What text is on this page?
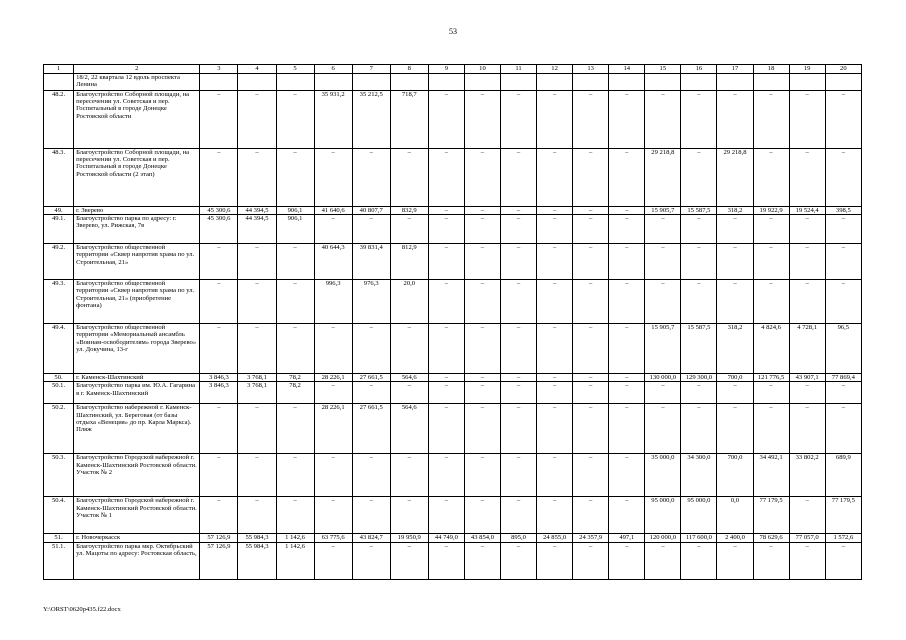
53
1	2	3	4	5	6	7	8	9	10	11	12	13	14	15	16	17	18	19	20
	18/2, 22 квартала 12 вдоль проспекта Ленина																		
48.2.	Благоустройство Соборной площади, на пересечении ул. Советская и пер. Госпитальный в городе Донецке Ростовской области	–	–	–	35 931,2	35 212,5	718,7	–	–	–	–	–	–	–	–	–	–	–	–
48.3.	Благоустройство Соборной площади, на пересечении ул. Советская и пер. Госпитальный в городе Донецке Ростовской области (2 этап)	–	–	–	–	–	–	–	–	–	–	–	–	29 218,8	–	29 218,8	–	–	–
49.	г. Зверево	45 300,6	44 394,5	906,1	41 640,6	40 807,7	832,9	–	–	–	–	–	–	15 905,7	15 587,5	318,2	19 922,9	19 524,4	398,5
49.1.	Благоустройство парка по адресу: г. Зверево, ул. Рижская, 7в	45 300,6	44 394,5	906,1	–	–	–	–	–	–	–	–	–	–	–	–	–	–	–
49.2.	Благоустройство общественной территории «Сквер напротив храма по ул. Строительная, 21»	–	–	–	40 644,3	39 831,4	812,9	–	–	–	–	–	–	–	–	–	–	–	–
49.3.	Благоустройство общественной территории «Сквер напротив храма по ул. Строительная, 21» (приобретение фонтана)	–	–	–	996,3	976,3	20,0	–	–	–	–	–	–	–	–	–	–	–	–
49.4.	Благоустройство общественной территории «Мемориальный ансамбль «Воинам-освободителям» города Зверево» ул. Докучина, 13-г	–	–	–	–	–	–	–	–	–	–	–	–	15 905,7	15 587,5	318,2	4 824,6	4 728,1	96,5
50.	г. Каменск-Шахтинский	3 846,3	3 768,1	78,2	28 226,1	27 661,5	564,6	–	–	–	–	–	–	130 000,0	129 300,0	700,0	121 776,5	43 907,1	77 869,4
50.1.	Благоустройство парка им. Ю.А. Гагарина в г. Каменск-Шахтинский	3 846,3	3 768,1	78,2	–	–	–	–	–	–	–	–	–	–	–	–	–	–	–
50.2.	Благоустройство набережной г. Каменск-Шахтинский, ул. Береговая (от базы отдыха «Венеция» до пр. Карла Маркса). Пляж	–	–	–	28 226,1	27 661,5	564,6	–	–	–	–	–	–	–	–	–	–	–	–
50.3.	Благоустройство Городской набережной г. Каменск-Шахтинский Ростовской области. Участок № 2	–	–	–	–	–	–	–	–	–	–	–	–	35 000,0	34 300,0	700,0	34 492,1	33 802,2	689,9
50.4.	Благоустройство Городской набережной г. Каменск-Шахтинский Ростовской области. Участок № 1	–	–	–	–	–	–	–	–	–	–	–	–	95 000,0	95 000,0	0,0	77 179,5	–	77 179,5
51.	г. Новочеркасск	57 126,9	55 984,3	1 142,6	63 775,6	43 824,7	19 950,9	44 749,0	43 854,0	895,0	24 855,0	24 357,9	497,1	120 000,0	117 600,0	2 400,0	78 629,6	77 057,0	1 572,6
51.1.	Благоустройство парка мкр. Октябрьский ул. Мацоты по адресу: Ростовская область,	57 126,9	55 984,3	1 142,6	–	–	–	–	–	–	–	–	–	–	–	–	–	–	–
Y:\ORST\0620p435.f22.docx
